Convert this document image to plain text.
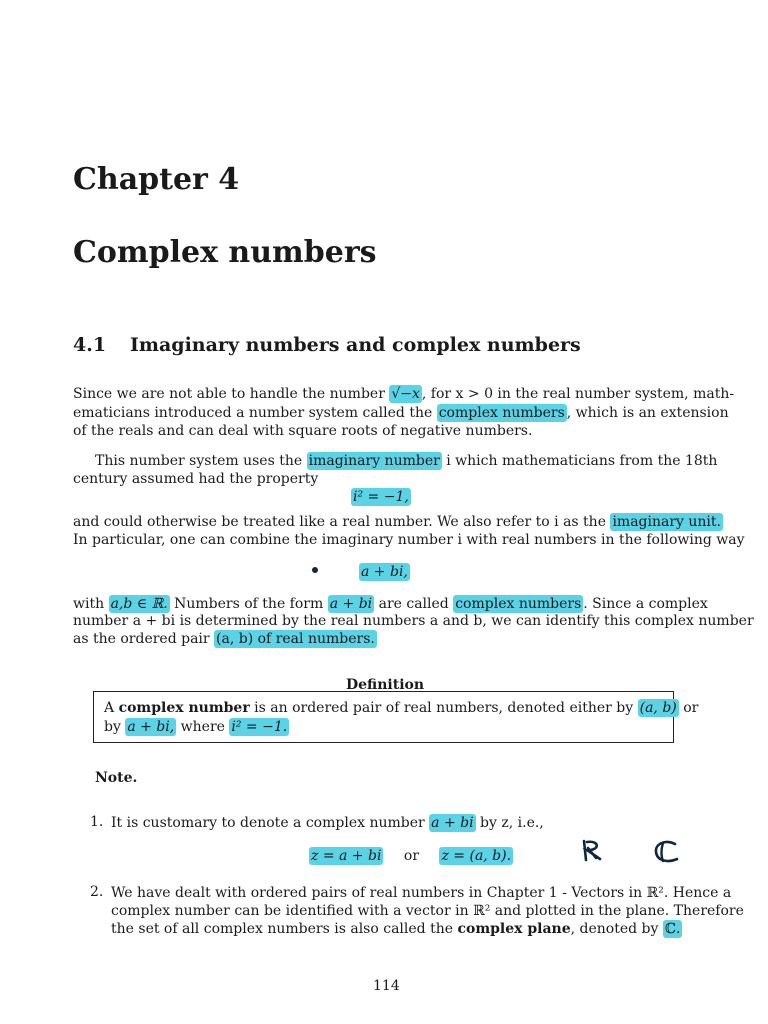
Chapter 4
Complex numbers
4.1 Imaginary numbers and complex numbers
Since we are not able to handle the number √−x , for x > 0 in the real number system, math-
ematicians introduced a number system called the complex numbers , which is an extension
of the reals and can deal with square roots of negative numbers.
This number system uses the imaginary number i which mathematicians from the 18th
century assumed had the property
i² = −1,
and could otherwise be treated like a real number. We also refer to i as the imaginary unit.
In particular, one can combine the imaginary number i with real numbers in the following way
a + bi,
with a,b ∈ ℝ. Numbers of the form a + bi are called complex numbers . Since a complex
number a + bi is determined by the real numbers a and b, we can identify this complex number
as the ordered pair (a, b) of real numbers.
Definition
A complex number is an ordered pair of real numbers, denoted either by (a, b) or
by a + bi, where i² = −1.
Note.
1. It is customary to denote a complex number a + bi by z, i.e.,
z = a + bi or z = (a, b).
2. We have dealt with ordered pairs of real numbers in Chapter 1 - Vectors in ℝ². Hence a
complex number can be identified with a vector in ℝ² and plotted in the plane. Therefore
the set of all complex numbers is also called the complex plane, denoted by ℂ.
114
